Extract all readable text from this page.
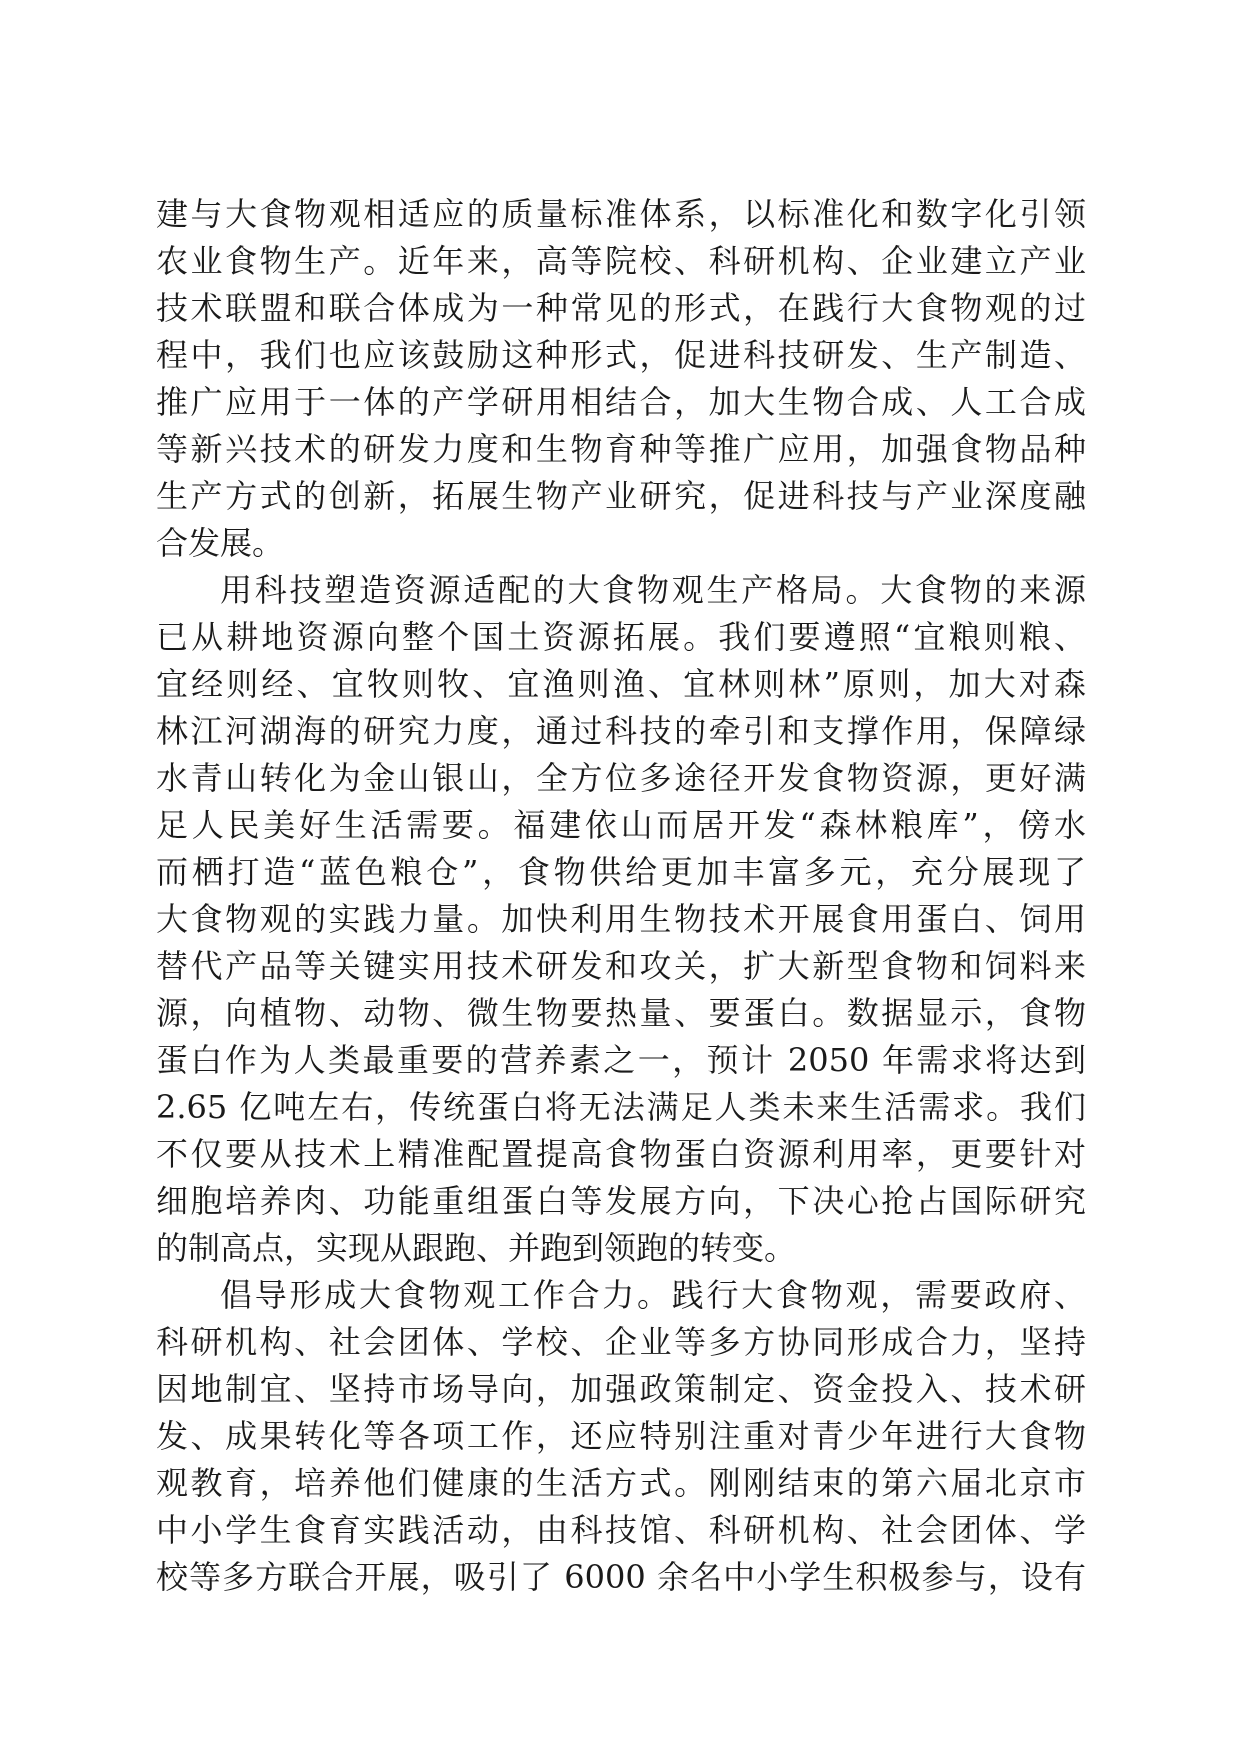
建与大食物观相适应的质量标准体系，以标准化和数字化引领
农业食物生产。近年来，高等院校、科研机构、企业建立产业
技术联盟和联合体成为一种常见的形式，在践行大食物观的过
程中，我们也应该鼓励这种形式，促进科技研发、生产制造、
推广应用于一体的产学研用相结合，加大生物合成、人工合成
等新兴技术的研发力度和生物育种等推广应用，加强食物品种
生产方式的创新，拓展生物产业研究，促进科技与产业深度融
合发展。
用科技塑造资源适配的大食物观生产格局。大食物的来源
已从耕地资源向整个国土资源拓展。我们要遵照“宜粮则粮、
宜经则经、宜牧则牧、宜渔则渔、宜林则林”原则，加大对森
林江河湖海的研究力度，通过科技的牵引和支撑作用，保障绿
水青山转化为金山银山，全方位多途径开发食物资源，更好满
足人民美好生活需要。福建依山而居开发“森林粮库”，傍水
而栖打造“蓝色粮仓”，食物供给更加丰富多元，充分展现了
大食物观的实践力量。加快利用生物技术开展食用蛋白、饲用
替代产品等关键实用技术研发和攻关，扩大新型食物和饲料来
源，向植物、动物、微生物要热量、要蛋白。数据显示，食物
蛋白作为人类最重要的营养素之一，预计 2050 年需求将达到
2.65 亿吨左右，传统蛋白将无法满足人类未来生活需求。我们
不仅要从技术上精准配置提高食物蛋白资源利用率，更要针对
细胞培养肉、功能重组蛋白等发展方向，下决心抢占国际研究
的制高点，实现从跟跑、并跑到领跑的转变。
倡导形成大食物观工作合力。践行大食物观，需要政府、
科研机构、社会团体、学校、企业等多方协同形成合力，坚持
因地制宜、坚持市场导向，加强政策制定、资金投入、技术研
发、成果转化等各项工作，还应特别注重对青少年进行大食物
观教育，培养他们健康的生活方式。刚刚结束的第六届北京市
中小学生食育实践活动，由科技馆、科研机构、社会团体、学
校等多方联合开展，吸引了 6000 余名中小学生积极参与，设有
